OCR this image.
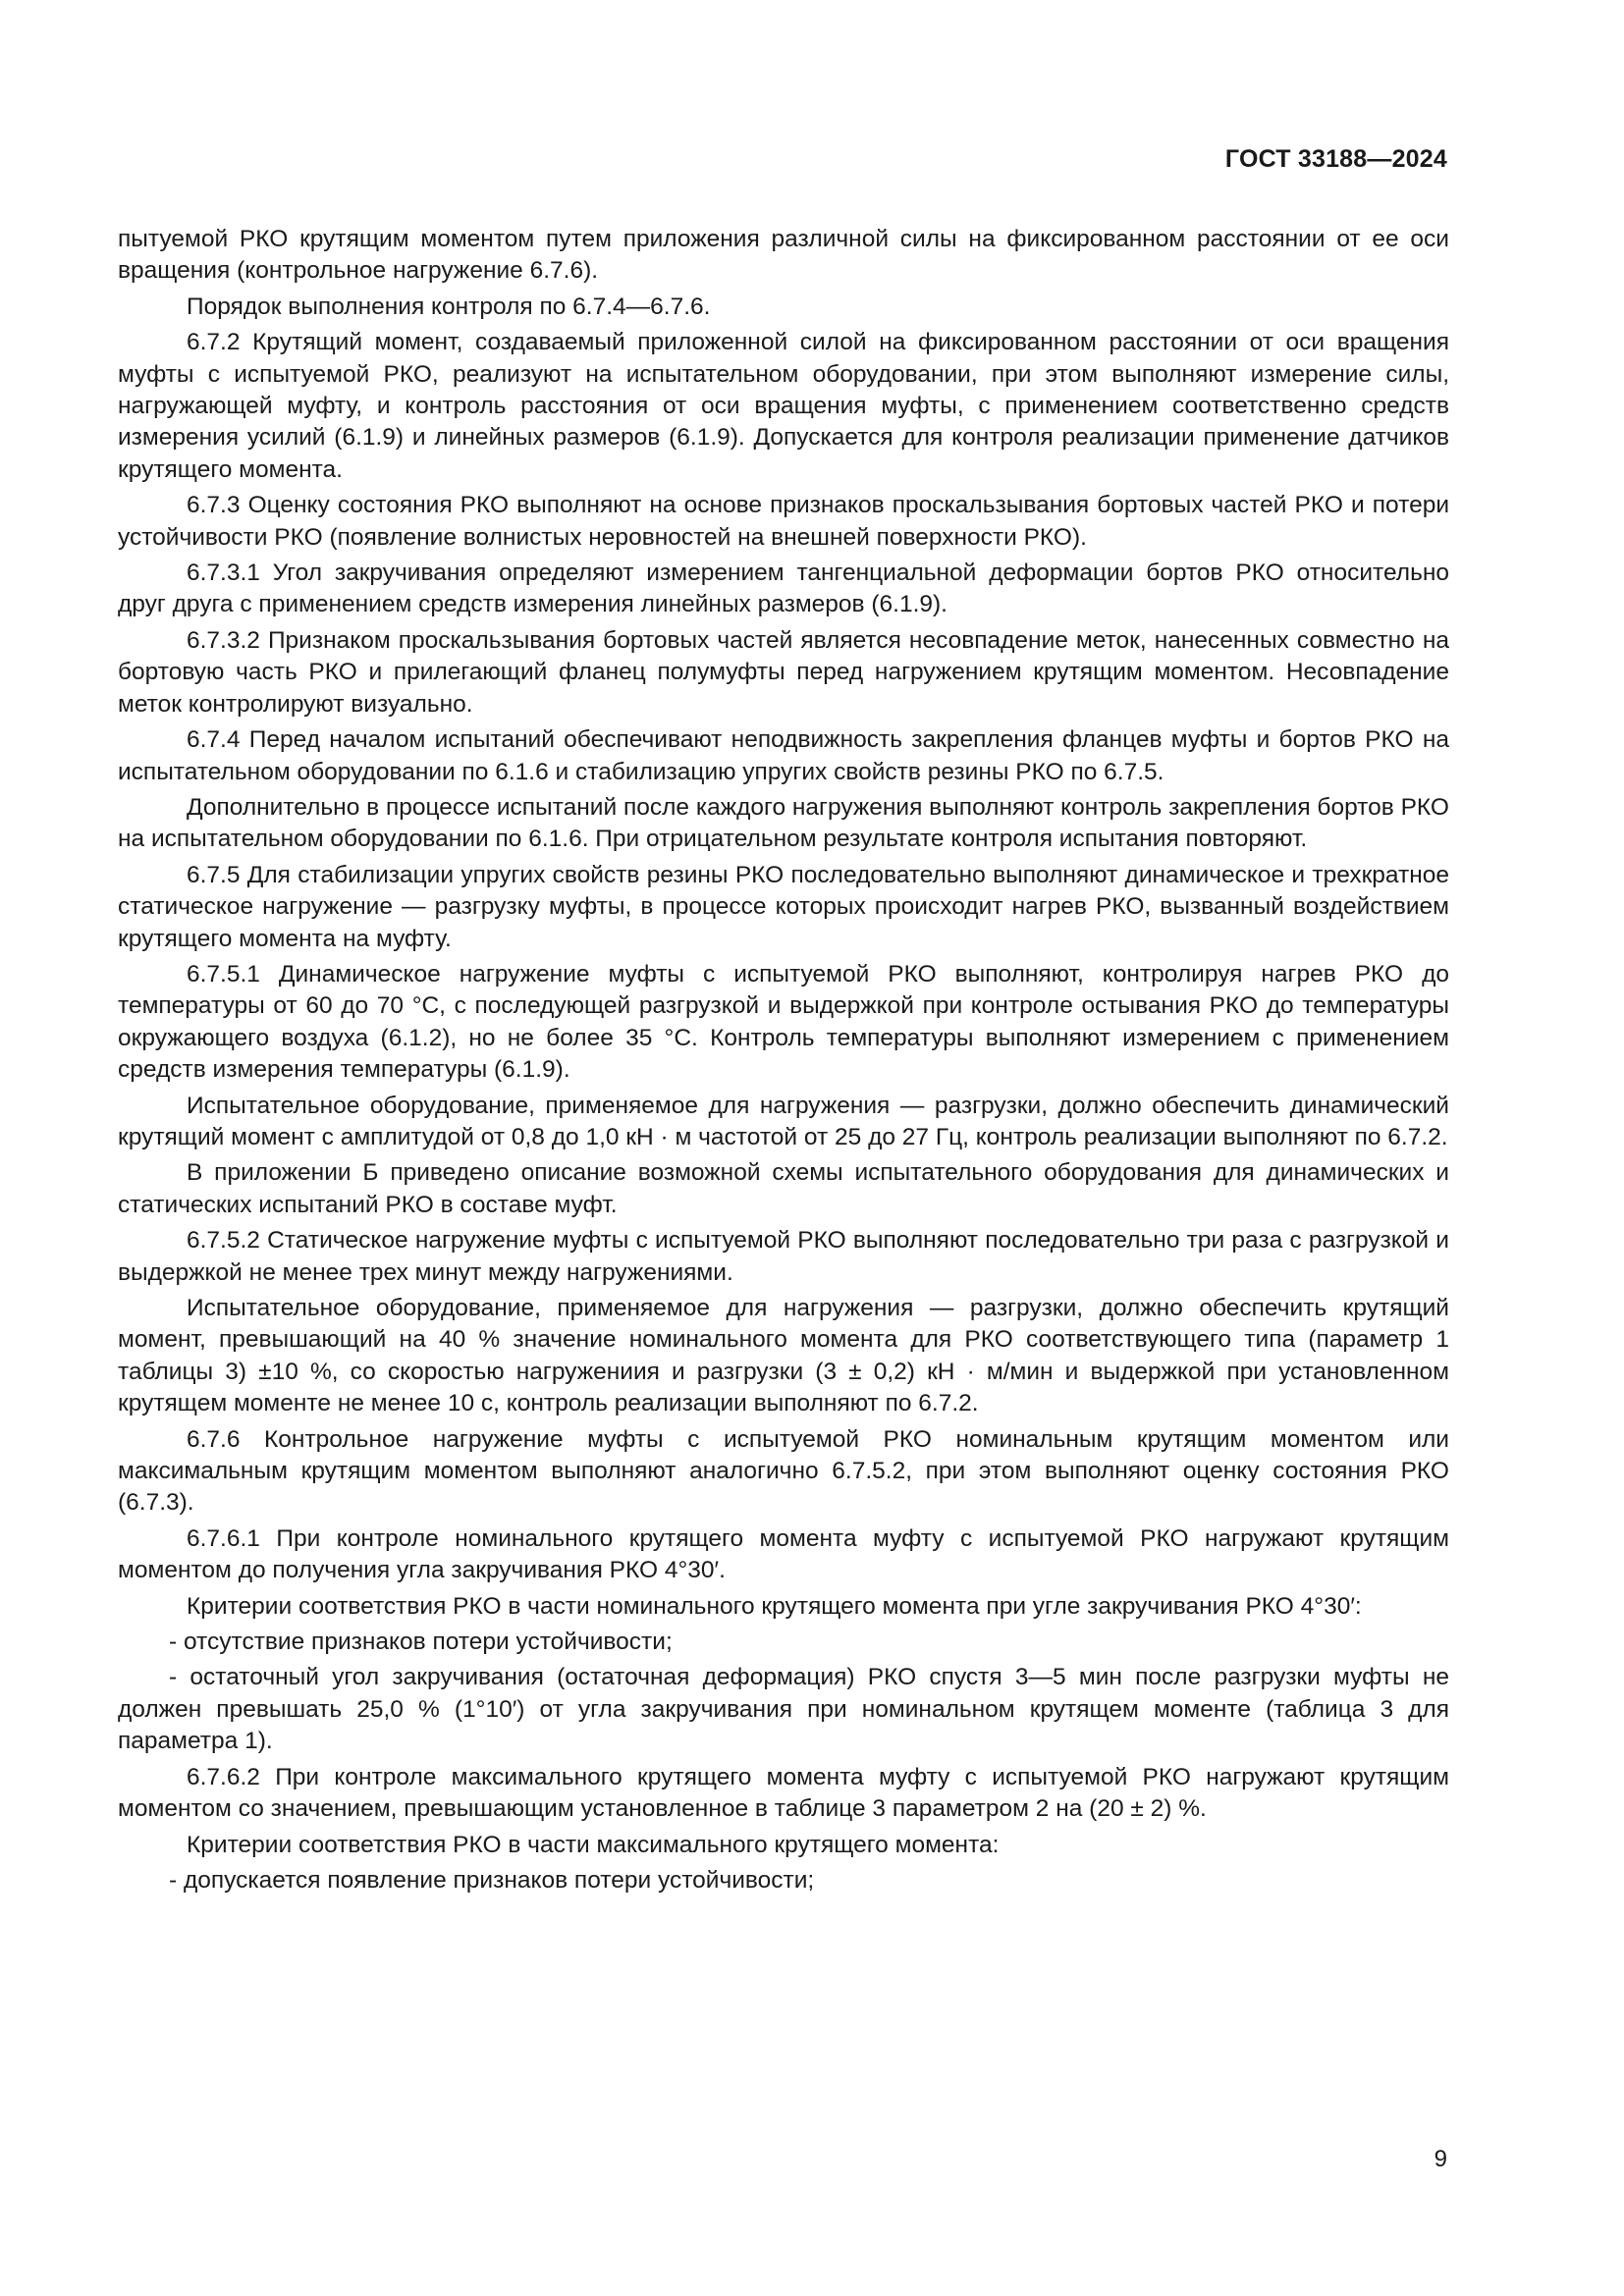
ГОСТ 33188—2024

пытуемой РКО крутящим моментом путем приложения различной силы на фиксированном расстоянии от ее оси вращения (контрольное нагружение 6.7.6).

Порядок выполнения контроля по 6.7.4—6.7.6.

6.7.2 Крутящий момент, создаваемый приложенной силой на фиксированном расстоянии от оси вращения муфты с испытуемой РКО, реализуют на испытательном оборудовании, при этом выполняют измерение силы, нагружающей муфту, и контроль расстояния от оси вращения муфты, с применением соответственно средств измерения усилий (6.1.9) и линейных размеров (6.1.9). Допускается для контроля реализации применение датчиков крутящего момента.

6.7.3 Оценку состояния РКО выполняют на основе признаков проскальзывания бортовых частей РКО и потери устойчивости РКО (появление волнистых неровностей на внешней поверхности РКО).

6.7.3.1 Угол закручивания определяют измерением тангенциальной деформации бортов РКО относительно друг друга с применением средств измерения линейных размеров (6.1.9).

6.7.3.2 Признаком проскальзывания бортовых частей является несовпадение меток, нанесенных совместно на бортовую часть РКО и прилегающий фланец полумуфты перед нагружением крутящим моментом. Несовпадение меток контролируют визуально.

6.7.4 Перед началом испытаний обеспечивают неподвижность закрепления фланцев муфты и бортов РКО на испытательном оборудовании по 6.1.6 и стабилизацию упругих свойств резины РКО по 6.7.5.

Дополнительно в процессе испытаний после каждого нагружения выполняют контроль закрепления бортов РКО на испытательном оборудовании по 6.1.6. При отрицательном результате контроля испытания повторяют.

6.7.5 Для стабилизации упругих свойств резины РКО последовательно выполняют динамическое и трехкратное статическое нагружение — разгрузку муфты, в процессе которых происходит нагрев РКО, вызванный воздействием крутящего момента на муфту.

6.7.5.1 Динамическое нагружение муфты с испытуемой РКО выполняют, контролируя нагрев РКО до температуры от 60 до 70 °С, с последующей разгрузкой и выдержкой при контроле остывания РКО до температуры окружающего воздуха (6.1.2), но не более 35 °С. Контроль температуры выполняют измерением с применением средств измерения температуры (6.1.9).

Испытательное оборудование, применяемое для нагружения — разгрузки, должно обеспечить динамический крутящий момент с амплитудой от 0,8 до 1,0 кН · м частотой от 25 до 27 Гц, контроль реализации выполняют по 6.7.2.

В приложении Б приведено описание возможной схемы испытательного оборудования для динамических и статических испытаний РКО в составе муфт.

6.7.5.2 Статическое нагружение муфты с испытуемой РКО выполняют последовательно три раза с разгрузкой и выдержкой не менее трех минут между нагружениями.

Испытательное оборудование, применяемое для нагружения — разгрузки, должно обеспечить крутящий момент, превышающий на 40 % значение номинального момента для РКО соответствующего типа (параметр 1 таблицы 3) ±10 %, со скоростью нагружениия и разгрузки (3 ± 0,2) кН · м/мин и выдержкой при установленном крутящем моменте не менее 10 с, контроль реализации выполняют по 6.7.2.

6.7.6 Контрольное нагружение муфты с испытуемой РКО номинальным крутящим моментом или максимальным крутящим моментом выполняют аналогично 6.7.5.2, при этом выполняют оценку состояния РКО (6.7.3).

6.7.6.1 При контроле номинального крутящего момента муфту с испытуемой РКО нагружают крутящим моментом до получения угла закручивания РКО 4°30′.

Критерии соответствия РКО в части номинального крутящего момента при угле закручивания РКО 4°30′:

- отсутствие признаков потери устойчивости;

- остаточный угол закручивания (остаточная деформация) РКО спустя 3—5 мин после разгрузки муфты не должен превышать 25,0 % (1°10′) от угла закручивания при номинальном крутящем моменте (таблица 3 для параметра 1).

6.7.6.2 При контроле максимального крутящего момента муфту с испытуемой РКО нагружают крутящим моментом со значением, превышающим установленное в таблице 3 параметром 2 на (20 ± 2) %.

Критерии соответствия РКО в части максимального крутящего момента:

- допускается появление признаков потери устойчивости;

9
